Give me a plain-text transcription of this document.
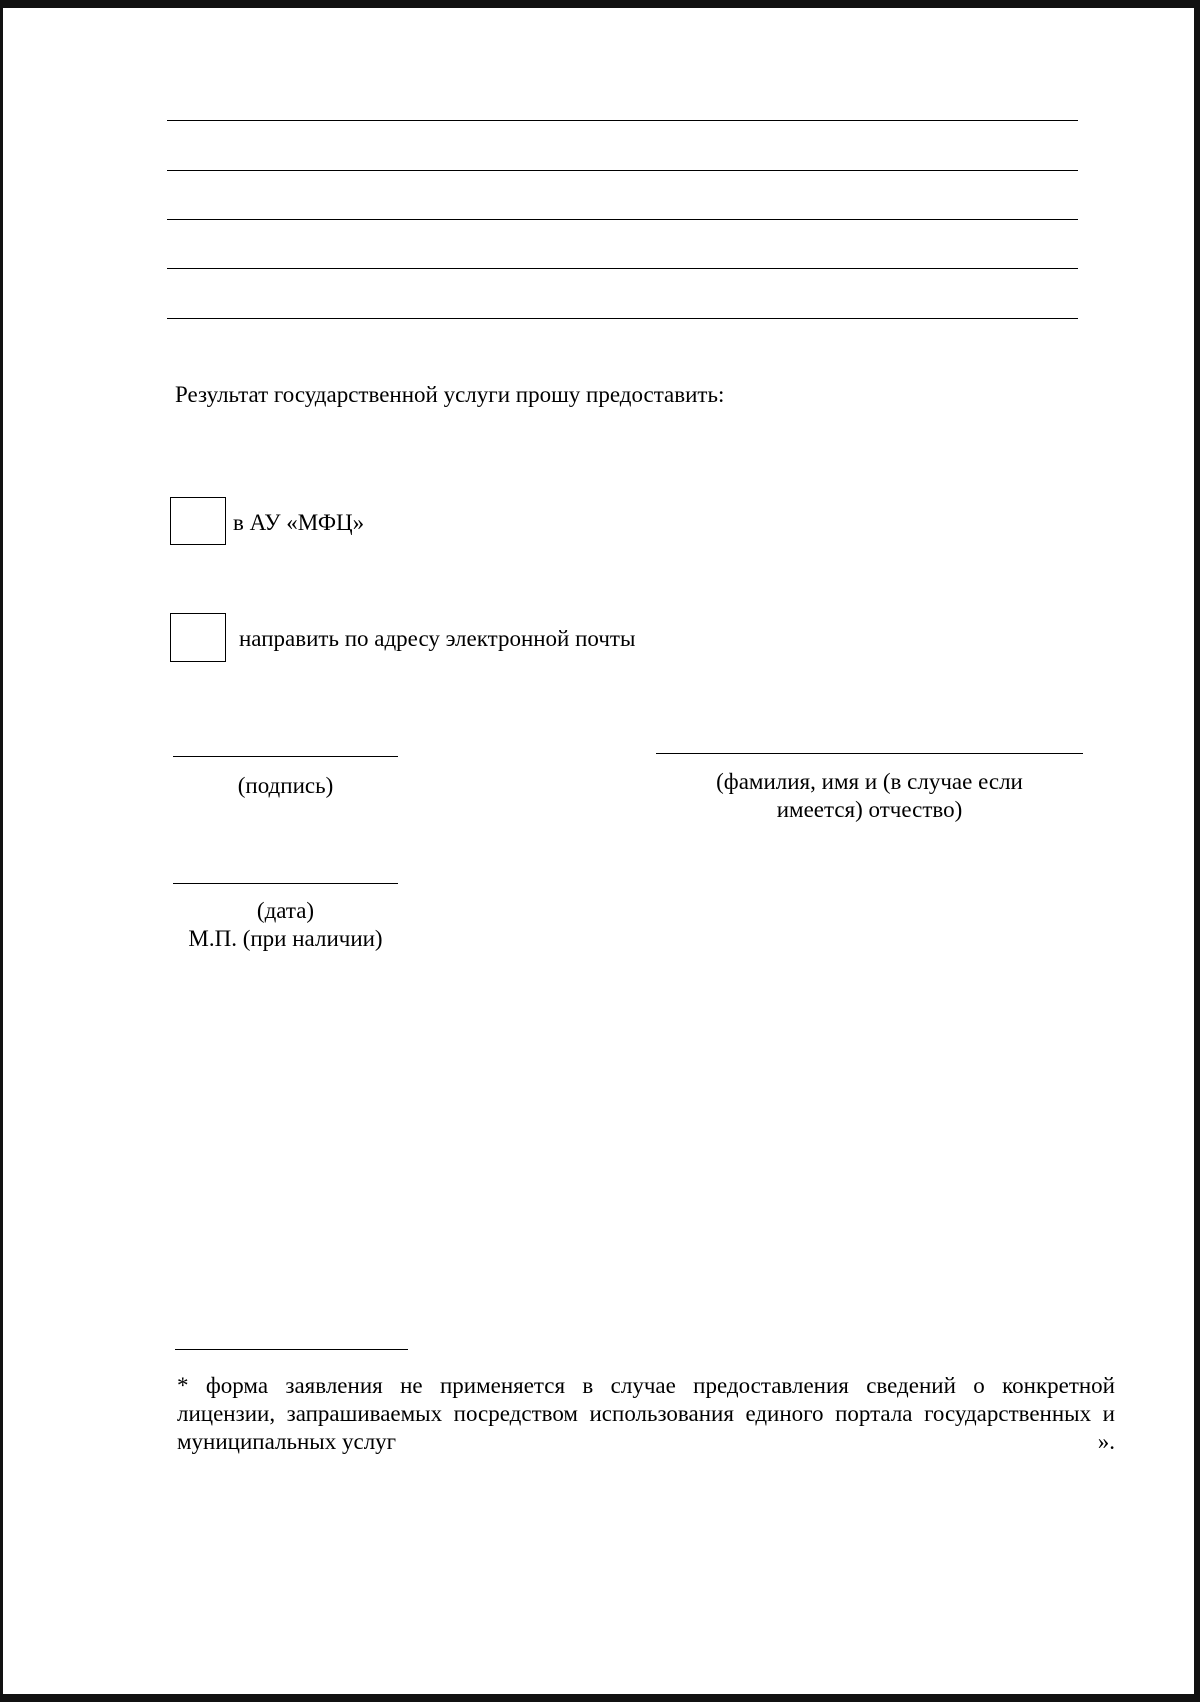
Результат государственной услуги прошу предоставить:
в АУ «МФЦ»
направить по адресу электронной почты
(подпись)	(фамилия, имя и (в случае если
имеется) отчество)
(дата)
М.П. (при наличии)
* форма заявления не применяется в случае предоставления сведений о конкретной
лицензии, запрашиваемых посредством использования единого портала государственных и
муниципальных услуг	».
